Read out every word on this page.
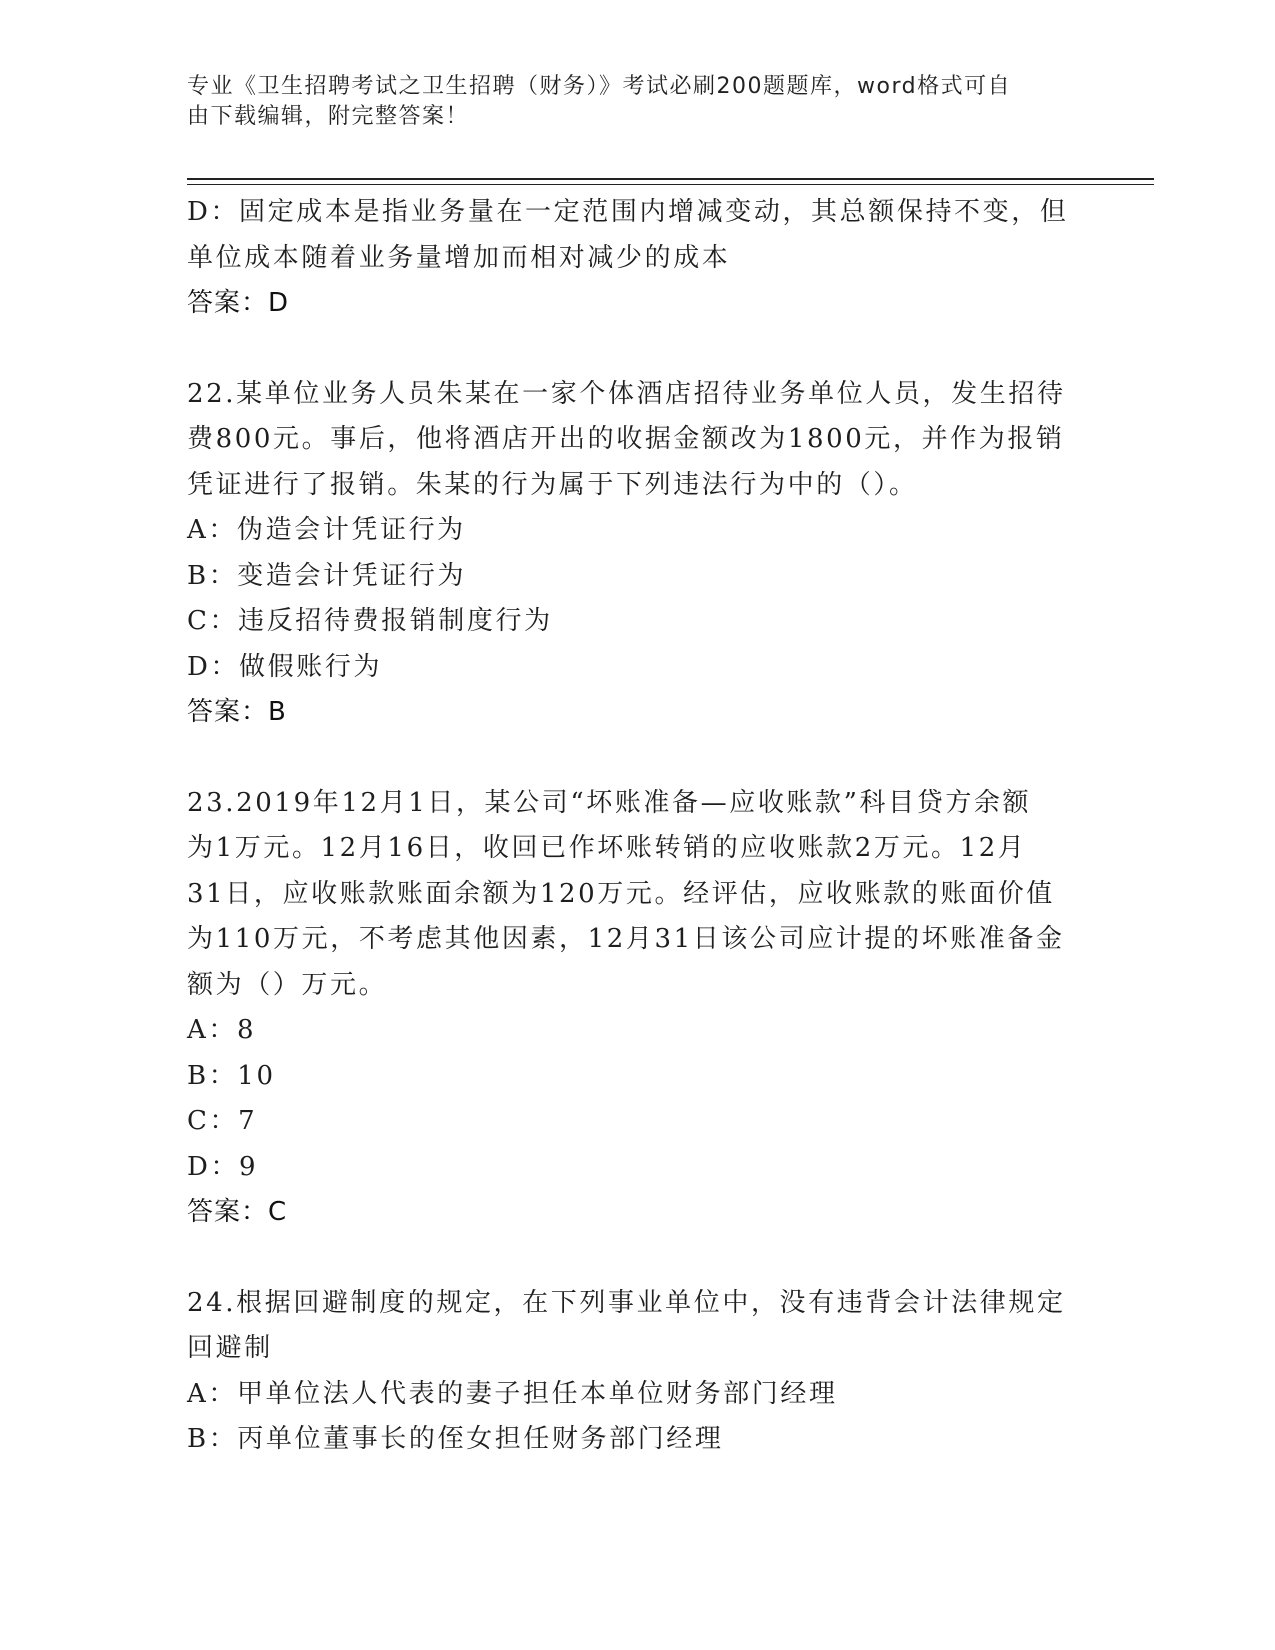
专业《卫生招聘考试之卫生招聘（财务）》考试必刷200题题库，word格式可自
由下载编辑，附完整答案！
D：固定成本是指业务量在一定范围内增减变动，其总额保持不变，但
单位成本随着业务量增加而相对减少的成本
答案：D
22.某单位业务人员朱某在一家个体酒店招待业务单位人员，发生招待
费800元。事后，他将酒店开出的收据金额改为1800元，并作为报销
凭证进行了报销。朱某的行为属于下列违法行为中的（）。
A：伪造会计凭证行为
B：变造会计凭证行为
C：违反招待费报销制度行为
D：做假账行为
答案：B
23.2019年12月1日，某公司“坏账准备—应收账款”科目贷方余额
为1万元。12月16日，收回已作坏账转销的应收账款2万元。12月
31日，应收账款账面余额为120万元。经评估，应收账款的账面价值
为110万元，不考虑其他因素，12月31日该公司应计提的坏账准备金
额为（）万元。
A：8
B：10
C：7
D：9
答案：C
24.根据回避制度的规定，在下列事业单位中，没有违背会计法律规定
回避制
A：甲单位法人代表的妻子担任本单位财务部门经理
B：丙单位董事长的侄女担任财务部门经理
